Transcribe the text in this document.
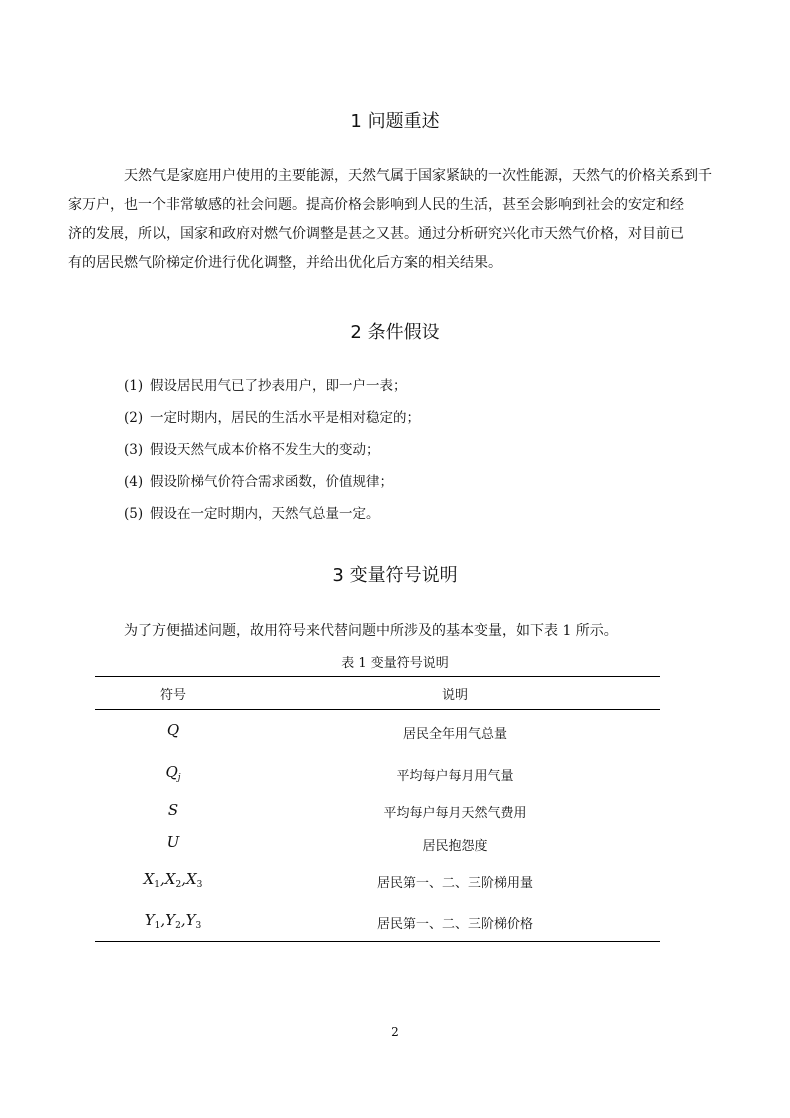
1 问题重述
天然气是家庭用户使用的主要能源，天然气属于国家紧缺的一次性能源，天然气的价格关系到千
家万户，也一个非常敏感的社会问题。提高价格会影响到人民的生活，甚至会影响到社会的安定和经
济的发展，所以，国家和政府对燃气价调整是甚之又甚。通过分析研究兴化市天然气价格，对目前已
有的居民燃气阶梯定价进行优化调整，并给出优化后方案的相关结果。
2 条件假设
(1) 假设居民用气已了抄表用户，即一户一表；
(2) 一定时期内，居民的生活水平是相对稳定的；
(3) 假设天然气成本价格不发生大的变动；
(4) 假设阶梯气价符合需求函数，价值规律；
(5) 假设在一定时期内，天然气总量一定。
3 变量符号说明
为了方便描述问题，故用符号来代替问题中所涉及的基本变量，如下表 1 所示。
表 1 变量符号说明
符号	说明
Q	居民全年用气总量
$Q_j$	平均每户每月用气量
S	平均每户每月天然气费用
U	居民抱怨度
$X_1,X_2,X_3$	居民第一、二、三阶梯用量
$Y_1,Y_2,Y_3$	居民第一、二、三阶梯价格
2
